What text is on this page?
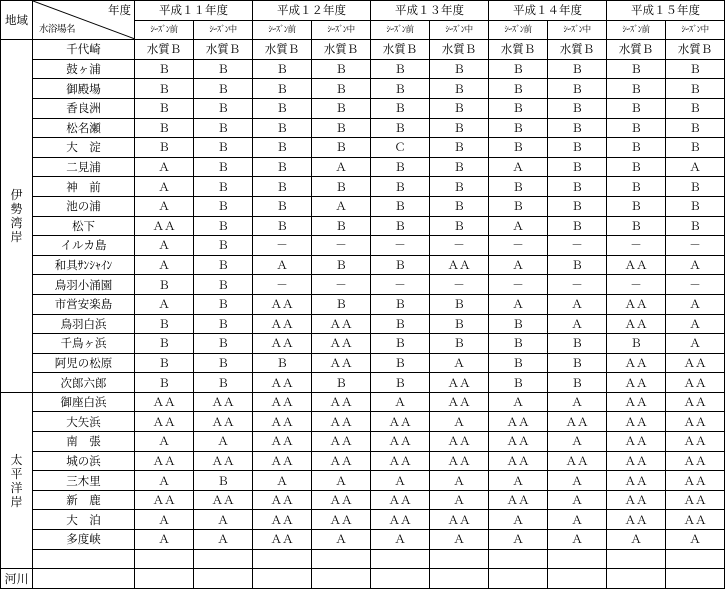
地域	年度
水浴場名	平成１１年度		平成１２年度		平成１３年度		平成１４年度		平成１５年度	
		ｼｰｽﾞﾝ前	ｼｰｽﾞﾝ中	ｼｰｽﾞﾝ前	ｼｰｽﾞﾝ中	ｼｰｽﾞﾝ前	ｼｰｽﾞﾝ中	ｼｰｽﾞﾝ前	ｼｰｽﾞﾝ中	ｼｰｽﾞﾝ前	ｼｰｽﾞﾝ中

伊
勢
湾
岸	千代崎	水質Ｂ	水質Ｂ	水質Ｂ	水質Ｂ	水質Ｂ	水質Ｂ	水質Ｂ	水質Ｂ	水質Ｂ	水質Ｂ
	鼓ヶ浦	Ｂ	Ｂ	Ｂ	Ｂ	Ｂ	Ｂ	Ｂ	Ｂ	Ｂ	Ｂ
	御殿場	Ｂ	Ｂ	Ｂ	Ｂ	Ｂ	Ｂ	Ｂ	Ｂ	Ｂ	Ｂ
	香良洲	Ｂ	Ｂ	Ｂ	Ｂ	Ｂ	Ｂ	Ｂ	Ｂ	Ｂ	Ｂ
	松名瀬	Ｂ	Ｂ	Ｂ	Ｂ	Ｂ	Ｂ	Ｂ	Ｂ	Ｂ	Ｂ
	大　淀	Ｂ	Ｂ	Ｂ	Ｂ	Ｃ	Ｂ	Ｂ	Ｂ	Ｂ	Ｂ
	二見浦	Ａ	Ｂ	Ｂ	Ａ	Ｂ	Ｂ	Ａ	Ｂ	Ｂ	Ａ
	神　前	Ａ	Ｂ	Ｂ	Ｂ	Ｂ	Ｂ	Ｂ	Ｂ	Ｂ	Ｂ
	池の浦	Ａ	Ｂ	Ｂ	Ａ	Ｂ	Ｂ	Ｂ	Ｂ	Ｂ	Ｂ
	松下	ＡＡ	Ｂ	Ｂ	Ｂ	Ｂ	Ｂ	Ａ	Ｂ	Ｂ	Ｂ
	イルカ島	Ａ	Ｂ	－	－	－	－	－	－	－	－
	和具ｻﾝｼｬｲﾝ	Ａ	Ｂ	Ａ	Ｂ	Ｂ	ＡＡ	Ａ	Ｂ	ＡＡ	Ａ
	鳥羽小涌園	Ｂ	Ｂ	－	－	－	－	－	－	－	－
	市営安楽島	Ａ	Ｂ	ＡＡ	Ｂ	Ｂ	Ｂ	Ａ	Ａ	ＡＡ	Ａ
	鳥羽白浜	Ｂ	Ｂ	ＡＡ	ＡＡ	Ｂ	Ｂ	Ｂ	Ａ	ＡＡ	Ａ
	千鳥ヶ浜	Ｂ	Ｂ	ＡＡ	ＡＡ	Ｂ	Ｂ	Ｂ	Ｂ	Ｂ	Ａ
	阿児の松原	Ｂ	Ｂ	Ｂ	ＡＡ	Ｂ	Ａ	Ｂ	Ｂ	ＡＡ	ＡＡ
	次郎六郎	Ｂ	Ｂ	ＡＡ	Ｂ	Ｂ	ＡＡ	Ｂ	Ｂ	ＡＡ	ＡＡ

太
平
洋
岸	御座白浜	ＡＡ	ＡＡ	ＡＡ	ＡＡ	Ａ	ＡＡ	Ａ	Ａ	ＡＡ	ＡＡ
	大矢浜	ＡＡ	ＡＡ	ＡＡ	ＡＡ	ＡＡ	Ａ	ＡＡ	ＡＡ	ＡＡ	ＡＡ
	南　張	Ａ	Ａ	ＡＡ	ＡＡ	ＡＡ	ＡＡ	ＡＡ	Ａ	ＡＡ	ＡＡ
	城の浜	ＡＡ	ＡＡ	ＡＡ	ＡＡ	ＡＡ	ＡＡ	ＡＡ	ＡＡ	ＡＡ	ＡＡ
	三木里	Ａ	Ｂ	Ａ	Ａ	Ａ	Ａ	Ａ	Ａ	ＡＡ	ＡＡ
	新　鹿	ＡＡ	ＡＡ	ＡＡ	ＡＡ	ＡＡ	Ａ	ＡＡ	Ａ	ＡＡ	ＡＡ
	大　泊	Ａ	Ａ	ＡＡ	ＡＡ	ＡＡ	ＡＡ	Ａ	Ａ	ＡＡ	ＡＡ
	多度峡	Ａ	Ａ	ＡＡ	Ａ	Ａ	Ａ	Ａ	Ａ	Ａ	Ａ

河川											
